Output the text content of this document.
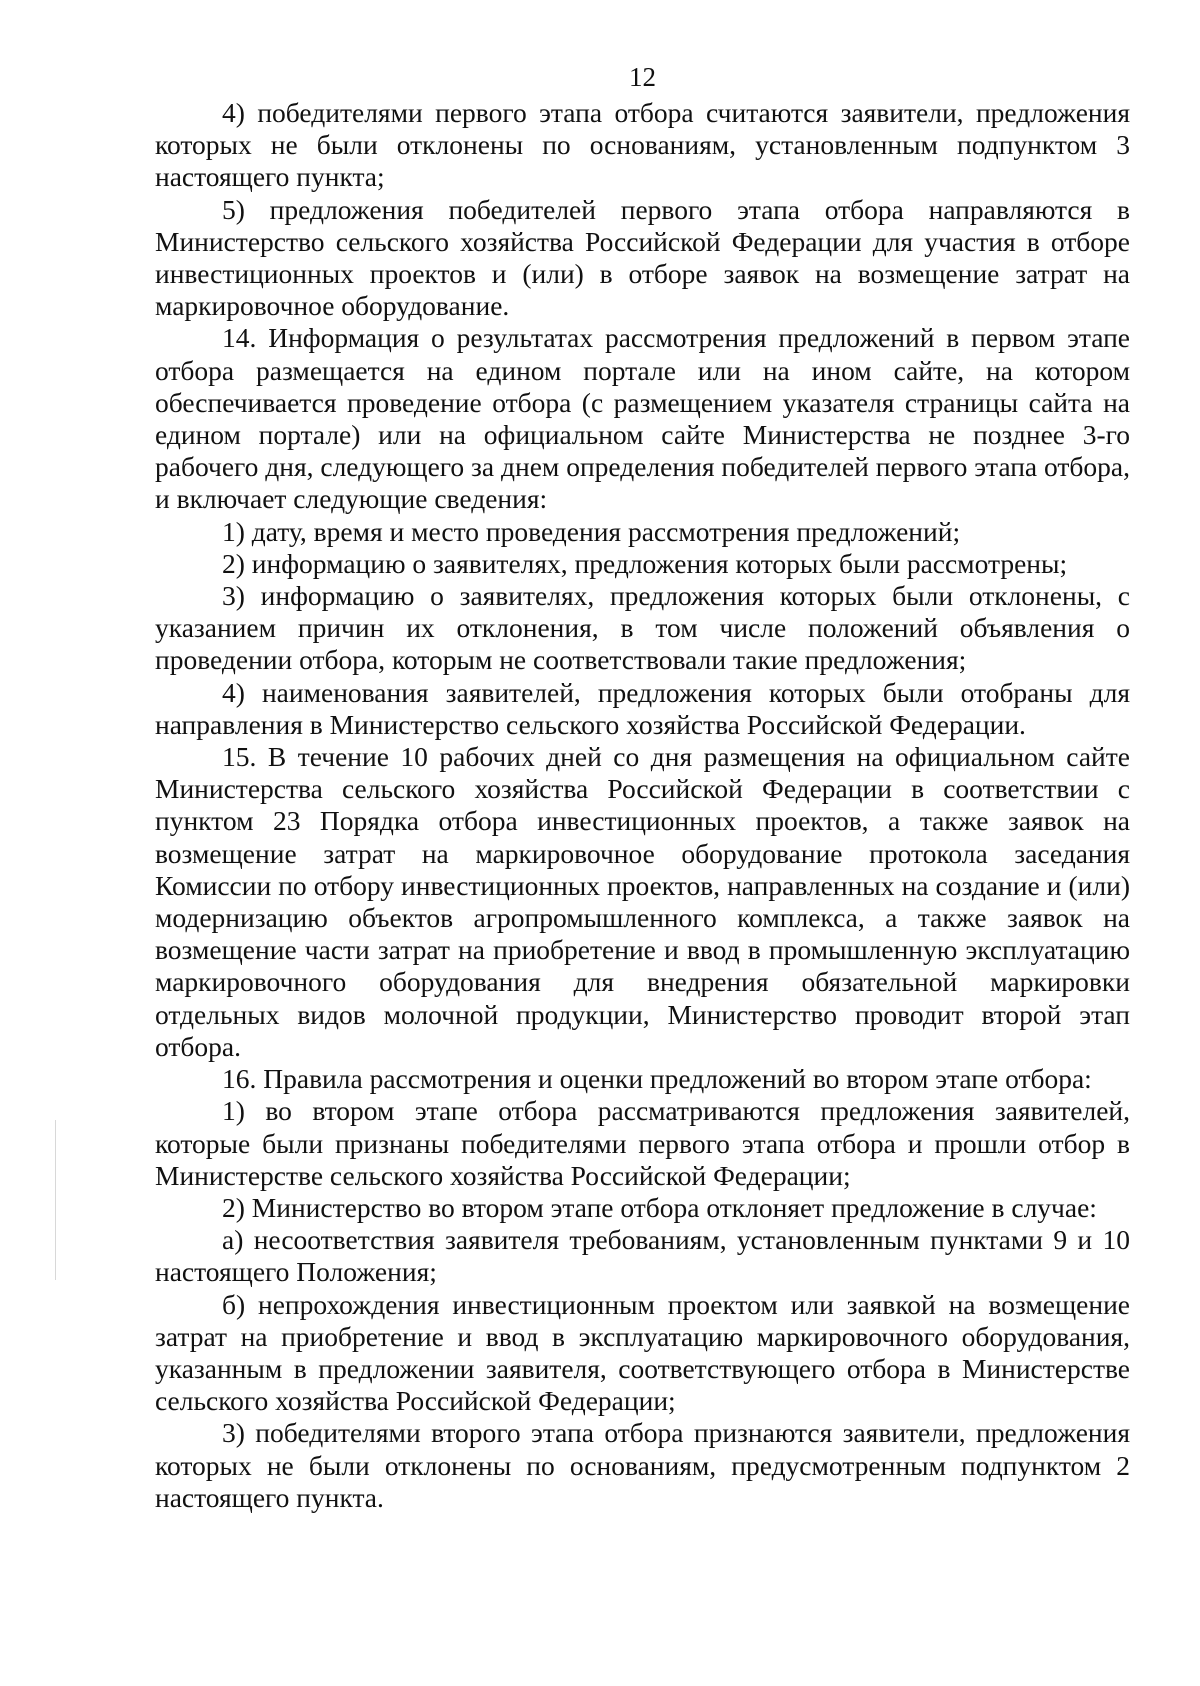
12

4) победителями первого этапа отбора считаются заявители, предложения которых не были отклонены по основаниям, установленным подпунктом 3 настоящего пункта;

5) предложения победителей первого этапа отбора направляются в Министерство сельского хозяйства Российской Федерации для участия в отборе инвестиционных проектов и (или) в отборе заявок на возмещение затрат на маркировочное оборудование.

14. Информация о результатах рассмотрения предложений в первом этапе отбора размещается на едином портале или на ином сайте, на котором обеспечивается проведение отбора (с размещением указателя страницы сайта на едином портале) или на официальном сайте Министерства не позднее 3-го рабочего дня, следующего за днем определения победителей первого этапа отбора, и включает следующие сведения:

1) дату, время и место проведения рассмотрения предложений;

2) информацию о заявителях, предложения которых были рассмотрены;

3) информацию о заявителях, предложения которых были отклонены, с указанием причин их отклонения, в том числе положений объявления о проведении отбора, которым не соответствовали такие предложения;

4) наименования заявителей, предложения которых были отобраны для направления в Министерство сельского хозяйства Российской Федерации.

15. В течение 10 рабочих дней со дня размещения на официальном сайте Министерства сельского хозяйства Российской Федерации в соответствии с пунктом 23 Порядка отбора инвестиционных проектов, а также заявок на возмещение затрат на маркировочное оборудование протокола заседания Комиссии по отбору инвестиционных проектов, направленных на создание и (или) модернизацию объектов агропромышленного комплекса, а также заявок на возмещение части затрат на приобретение и ввод в промышленную эксплуатацию маркировочного оборудования для внедрения обязательной маркировки отдельных видов молочной продукции, Министерство проводит второй этап отбора.

16. Правила рассмотрения и оценки предложений во втором этапе отбора:

1) во втором этапе отбора рассматриваются предложения заявителей, которые были признаны победителями первого этапа отбора и прошли отбор в Министерстве сельского хозяйства Российской Федерации;

2) Министерство во втором этапе отбора отклоняет предложение в случае:

а) несоответствия заявителя требованиям, установленным пунктами 9 и 10 настоящего Положения;

б) непрохождения инвестиционным проектом или заявкой на возмещение затрат на приобретение и ввод в эксплуатацию маркировочного оборудования, указанным в предложении заявителя, соответствующего отбора в Министерстве сельского хозяйства Российской Федерации;

3) победителями второго этапа отбора признаются заявители, предложения которых не были отклонены по основаниям, предусмотренным подпунктом 2 настоящего пункта.
